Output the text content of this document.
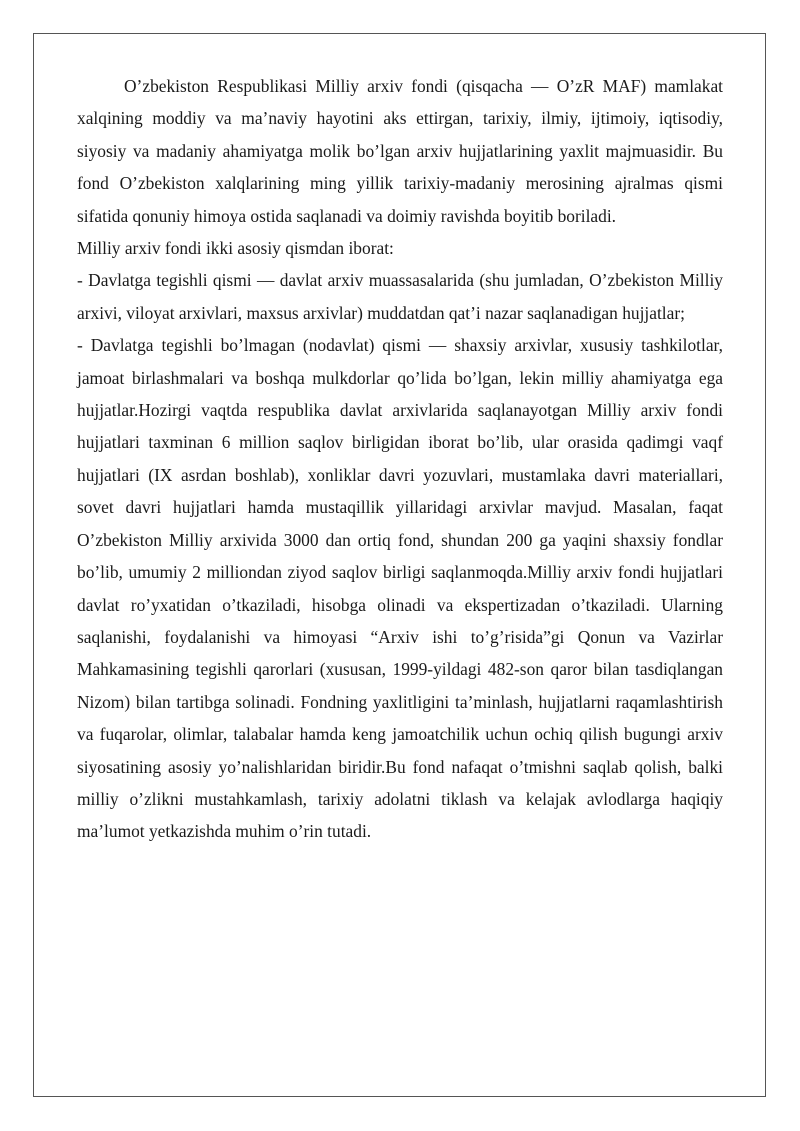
O’zbekiston Respublikasi Milliy arxiv fondi (qisqacha — O’zR MAF) mamlakat xalqining moddiy va ma’naviy hayotini aks ettirgan, tarixiy, ilmiy, ijtimoiy, iqtisodiy, siyosiy va madaniy ahamiyatga molik bo’lgan arxiv hujjatlarining yaxlit majmuasidir. Bu fond O’zbekiston xalqlarining ming yillik tarixiy-madaniy merosining ajralmas qismi sifatida qonuniy himoya ostida saqlanadi va doimiy ravishda boyitib boriladi.

Milliy arxiv fondi ikki asosiy qismdan iborat:

- Davlatga tegishli qismi — davlat arxiv muassasalarida (shu jumladan, O’zbekiston Milliy arxivi, viloyat arxivlari, maxsus arxivlar) muddatdan qat’i nazar saqlanadigan hujjatlar;

- Davlatga tegishli bo’lmagan (nodavlat) qismi — shaxsiy arxivlar, xususiy tashkilotlar, jamoat birlashmalari va boshqa mulkdorlar qo’lida bo’lgan, lekin milliy ahamiyatga ega hujjatlar.Hozirgi vaqtda respublika davlat arxivlarida saqlanayotgan Milliy arxiv fondi hujjatlari taxminan 6 million saqlov birligidan iborat bo’lib, ular orasida qadimgi vaqf hujjatlari (IX asrdan boshlab), xonliklar davri yozuvlari, mustamlaka davri materiallari, sovet davri hujjatlari hamda mustaqillik yillaridagi arxivlar mavjud. Masalan, faqat O’zbekiston Milliy arxivida 3000 dan ortiq fond, shundan 200 ga yaqini shaxsiy fondlar bo’lib, umumiy 2 milliondan ziyod saqlov birligi saqlanmoqda.Milliy arxiv fondi hujjatlari davlat ro’yxatidan o’tkaziladi, hisobga olinadi va ekspertizadan o’tkaziladi. Ularning saqlanishi, foydalanishi va himoyasi “Arxiv ishi to’g’risida”gi Qonun va Vazirlar Mahkamasining tegishli qarorlari (xususan, 1999-yildagi 482-son qaror bilan tasdiqlangan Nizom) bilan tartibga solinadi. Fondning yaxlitligini ta’minlash, hujjatlarni raqamlashtirish va fuqarolar, olimlar, talabalar hamda keng jamoatchilik uchun ochiq qilish bugungi arxiv siyosatining asosiy yo’nalishlaridan biridir.Bu fond nafaqat o’tmishni saqlab qolish, balki milliy o’zlikni mustahkamlash, tarixiy adolatni tiklash va kelajak avlodlarga haqiqiy ma’lumot yetkazishda muhim o’rin tutadi.
